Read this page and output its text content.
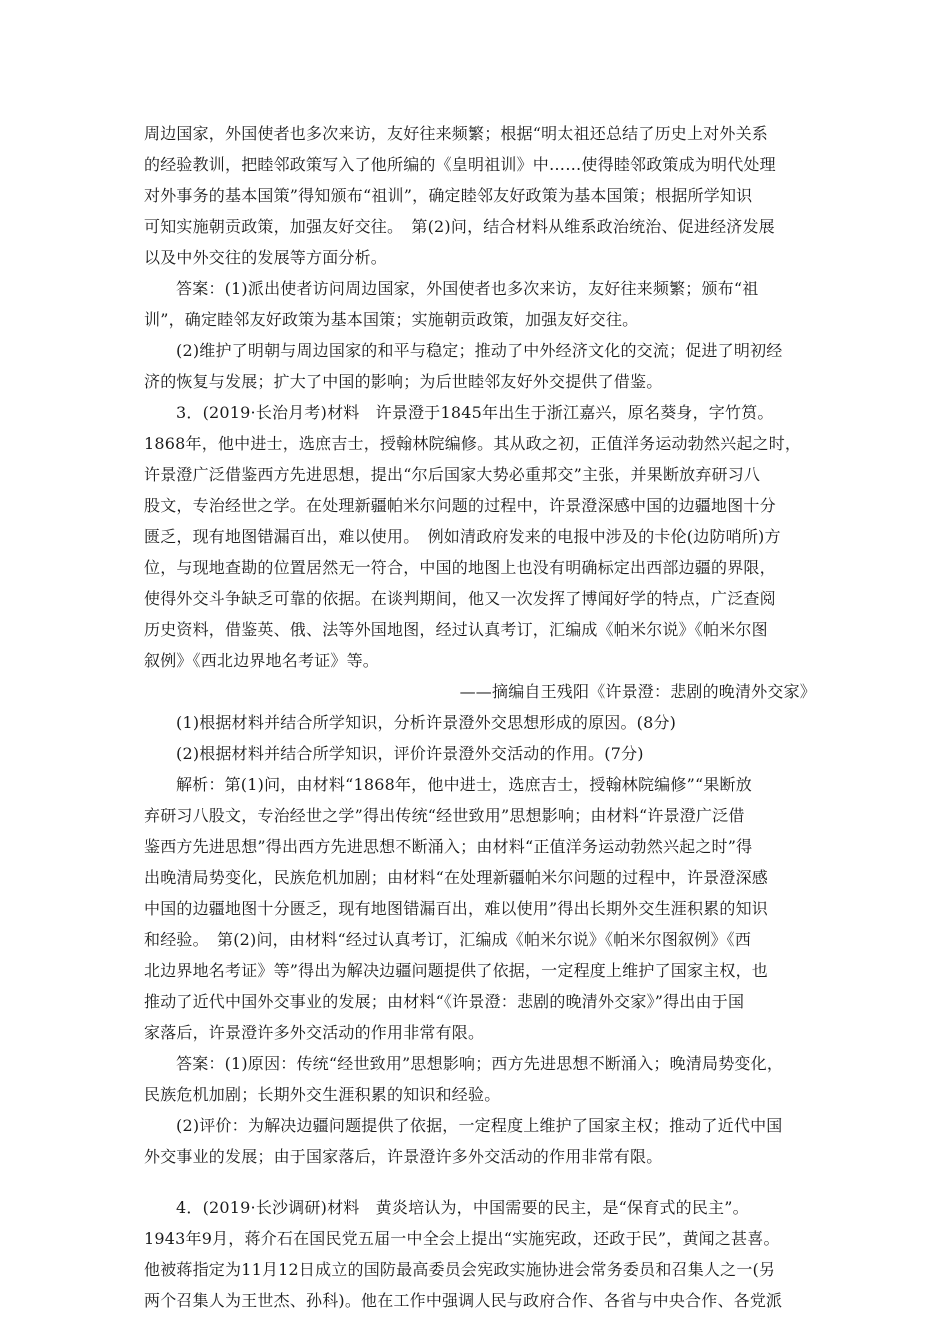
周边国家，外国使者也多次来访，友好往来频繁；根据“明太祖还总结了历史上对外关系
的经验教训，把睦邻政策写入了他所编的《皇明祖训》中……使得睦邻政策成为明代处理
对外事务的基本国策”得知颁布“祖训”，确定睦邻友好政策为基本国策；根据所学知识
可知实施朝贡政策，加强友好交往。　第(2)问，结合材料从维系政治统治、促进经济发展
以及中外交往的发展等方面分析。
答案：(1)派出使者访问周边国家，外国使者也多次来访，友好往来频繁；颁布“祖
训”，确定睦邻友好政策为基本国策；实施朝贡政策，加强友好交往。
(2)维护了明朝与周边国家的和平与稳定；推动了中外经济文化的交流；促进了明初经
济的恢复与发展；扩大了中国的影响；为后世睦邻友好外交提供了借鉴。
3．(2019·长治月考)材料　许景澄于1845年出生于浙江嘉兴，原名葵身，字竹筼。
1868年，他中进士，选庶吉士，授翰林院编修。其从政之初，正值洋务运动勃然兴起之时，
许景澄广泛借鉴西方先进思想，提出“尔后国家大势必重邦交”主张，并果断放弃研习八
股文，专治经世之学。在处理新疆帕米尔问题的过程中，许景澄深感中国的边疆地图十分
匮乏，现有地图错漏百出，难以使用。　例如清政府发来的电报中涉及的卡伦(边防哨所)方
位，与现地查勘的位置居然无一符合，中国的地图上也没有明确标定出西部边疆的界限，
使得外交斗争缺乏可靠的依据。在谈判期间，他又一次发挥了博闻好学的特点，广泛查阅
历史资料，借鉴英、俄、法等外国地图，经过认真考订，汇编成《帕米尔说》《帕米尔图
叙例》《西北边界地名考证》等。
——摘编自王残阳《许景澄：悲剧的晚清外交家》
(1)根据材料并结合所学知识，分析许景澄外交思想形成的原因。(8分)
(2)根据材料并结合所学知识，评价许景澄外交活动的作用。(7分)
解析：第(1)问，由材料“1868年，他中进士，选庶吉士，授翰林院编修”“果断放
弃研习八股文，专治经世之学”得出传统“经世致用”思想影响；由材料“许景澄广泛借
鉴西方先进思想”得出西方先进思想不断涌入；由材料“正值洋务运动勃然兴起之时”得
出晚清局势变化，民族危机加剧；由材料“在处理新疆帕米尔问题的过程中，许景澄深感
中国的边疆地图十分匮乏，现有地图错漏百出，难以使用”得出长期外交生涯积累的知识
和经验。　第(2)问，由材料“经过认真考订，汇编成《帕米尔说》《帕米尔图叙例》《西
北边界地名考证》等”得出为解决边疆问题提供了依据，一定程度上维护了国家主权，也
推动了近代中国外交事业的发展；由材料“《许景澄：悲剧的晚清外交家》”得出由于国
家落后，许景澄许多外交活动的作用非常有限。
答案：(1)原因：传统“经世致用”思想影响；西方先进思想不断涌入；晚清局势变化，
民族危机加剧；长期外交生涯积累的知识和经验。
(2)评价：为解决边疆问题提供了依据，一定程度上维护了国家主权；推动了近代中国
外交事业的发展；由于国家落后，许景澄许多外交活动的作用非常有限。
4．(2019·长沙调研)材料　黄炎培认为，中国需要的民主，是“保育式的民主”。
1943年9月，蒋介石在国民党五届一中全会上提出“实施宪政，还政于民”，黄闻之甚喜。
他被蒋指定为11月12日成立的国防最高委员会宪政实施协进会常务委员和召集人之一(另
两个召集人为王世杰、孙科)。他在工作中强调人民与政府合作、各省与中央合作、各党派
